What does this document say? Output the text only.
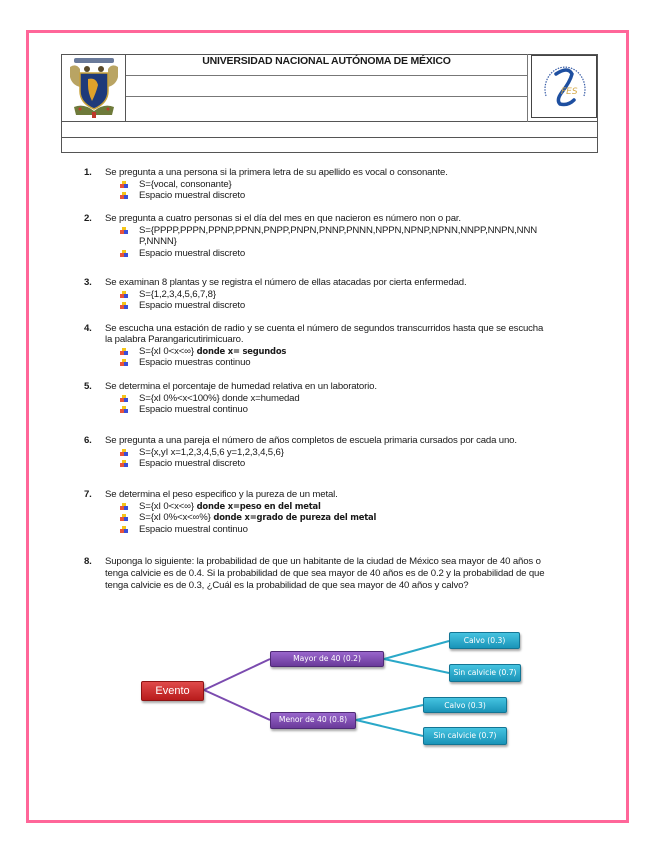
UNIVERSIDAD NACIONAL AUTÓNOMA DE MÉXICO
FES
1. Se pregunta a una persona si la primera letra de su apellido es vocal o consonante.
S={vocal, consonante}
Espacio muestral discreto
2. Se pregunta a cuatro personas si el día del mes en que nacieron es número non o par.
S={PPPP,PPPN,PPNP,PPNN,PNPP,PNPN,PNNP,PNNN,NPPN,NPNP,NPNN,NNPP,NNPN,NNN
P,NNNN}
Espacio muestral discreto
3. Se examinan 8 plantas y se registra el número de ellas atacadas por cierta enfermedad.
S={1,2,3,4,5,6,7,8}
Espacio muestral discreto
4. Se escucha una estación de radio y se cuenta el número de segundos transcurridos hasta que se escucha
la palabra Parangaricutirimicuaro.
S={xI 0<x<∞} donde x= segundos
Espacio muestras continuo
5. Se determina el porcentaje de humedad relativa en un laboratorio.
S={xI 0%<x<100%} donde x=humedad
Espacio muestral continuo
6. Se pregunta a una pareja el número de años completos de escuela primaria cursados por cada uno.
S={x,yI x=1,2,3,4,5,6 y=1,2,3,4,5,6}
Espacio muestral discreto
7. Se determina el peso especifico y la pureza de un metal.
S={xI 0<x<∞} donde x=peso en del metal
S={xI 0%<x<∞%} donde x=grado de pureza del metal
Espacio muestral continuo
8. Suponga lo siguiente: la probabilidad de que un habitante de la ciudad de México sea mayor de 40 años o
tenga calvicie es de 0.4. Si la probabilidad de que sea mayor de 40 años es de 0.2 y la probabilidad de que
tenga calvicie es de 0.3, ¿Cuál es la probabilidad de que sea mayor de 40 años y calvo?
Evento
Mayor de 40 (0.2)
Menor de 40 (0.8)
Calvo (0.3)
Sin calvicie (0.7)
Calvo (0.3)
Sin calvicie (0.7)
